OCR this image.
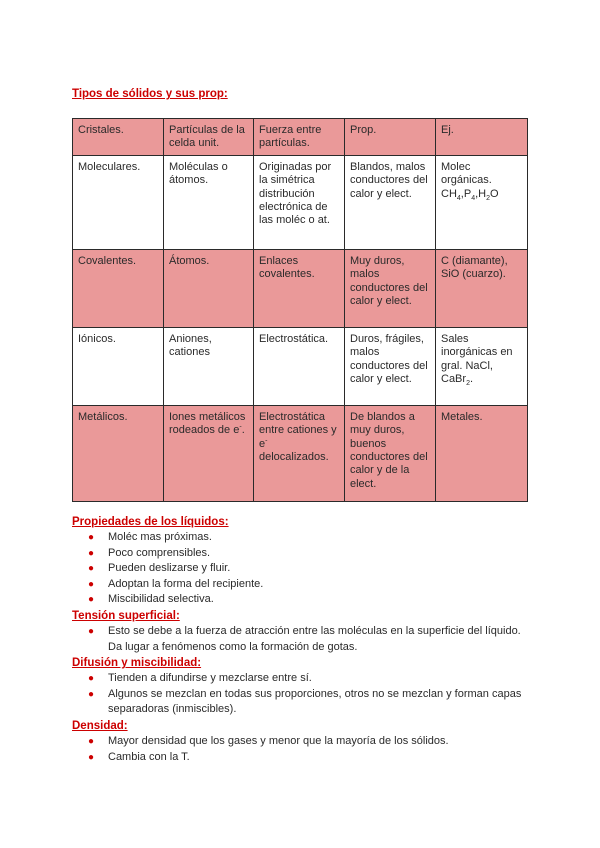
Tipos de sólidos y sus prop:
Cristales.	Partículas de la celda unit.	Fuerza entre partículas.	Prop.	Ej.
Moleculares.	Moléculas o átomos.	Originadas por la simétrica distribución electrónica de las moléc o at.	Blandos, malos conductores del calor y elect.	Molec orgánicas. $CH_4,P_4,H_2O$
Covalentes.	Átomos.	Enlaces covalentes.	Muy duros, malos conductores del calor y elect.	C (diamante), SiO (cuarzo).
Iónicos.	Aniones, cationes	Electrostática.	Duros, frágiles, malos conductores del calor y elect.	Sales inorgánicas en gral. NaCl, CaBr$_2$.
Metálicos.	Iones metálicos rodeados de e-.	Electrostática entre cationes y e- delocalizados.	De blandos a muy duros, buenos conductores del calor y de la elect.	Metales.
Propiedades de los líquidos:
● Moléc mas próximas.
● Poco comprensibles.
● Pueden deslizarse y fluir.
● Adoptan la forma del recipiente.
● Miscibilidad selectiva.
Tensión superficial:
● Esto se debe a la fuerza de atracción entre las moléculas en la superficie del líquido. Da lugar a fenómenos como la formación de gotas.
Difusión y miscibilidad:
● Tienden a difundirse y mezclarse entre sí.
● Algunos se mezclan en todas sus proporciones, otros no se mezclan y forman capas separadoras (inmiscibles).
Densidad:
● Mayor densidad que los gases y menor que la mayoría de los sólidos.
● Cambia con la T.
